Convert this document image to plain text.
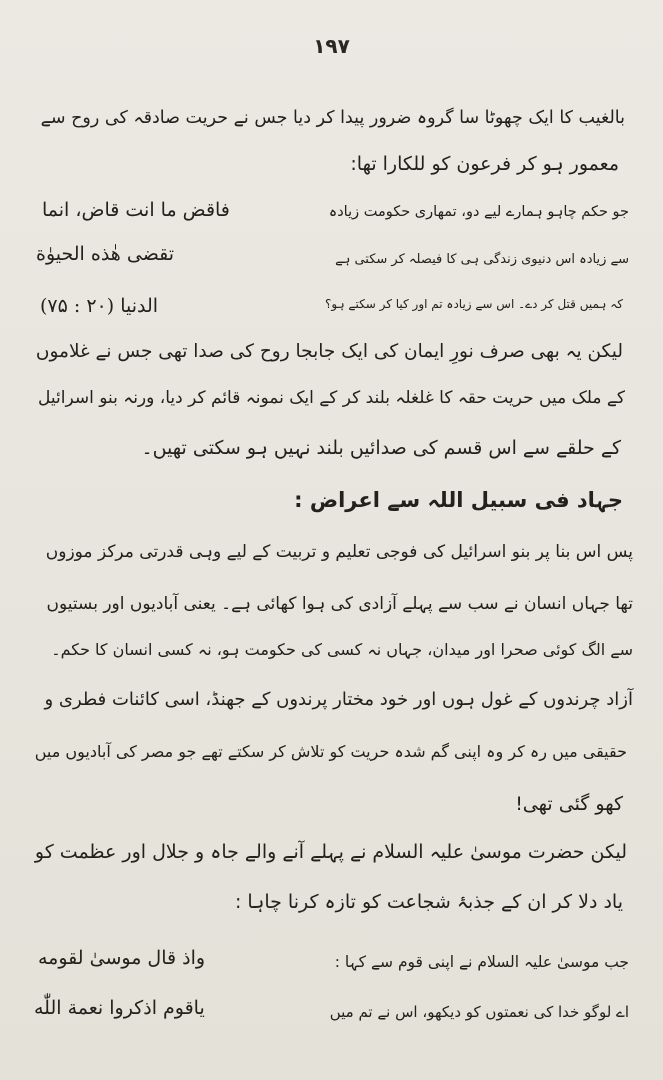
۱۹۷
بالغیب کا ایک چھوٹا سا گروہ ضرور پیدا کر دیا جس نے حریت صادقہ کی روح سے
معمور ہو کر فرعون کو للکارا تھا:
فاقض ما انت قاض، انما
تقضی هٰذه الحیوٰة
الدنیا (۲۰ : ۷۵)
جو حکم چاہو ہمارے لیے دو، تمھاری حکومت زیادہ
سے زیادہ اس دنیوی زندگی ہی کا فیصلہ کر سکتی ہے
کہ ہمیں قتل کر دے۔ اس سے زیادہ تم اور کیا کر سکتے ہو؟
لیکن یہ بھی صرف نورِ ایمان کی ایک جابجا روح کی صدا تھی جس نے غلاموں
کے ملک میں حریت حقہ کا غلغلہ بلند کر کے ایک نمونہ قائم کر دیا، ورنہ بنو اسرائیل
کے حلقے سے اس قسم کی صدائیں بلند نہیں ہو سکتی تھیں۔
جہاد فی سبیل اللہ سے اعراض :
پس اس بنا پر بنو اسرائیل کی فوجی تعلیم و تربیت کے لیے وہی قدرتی مرکز موزوں
تھا جہاں انسان نے سب سے پہلے آزادی کی ہوا کھائی ہے۔ یعنی آبادیوں اور بستیوں
سے الگ کوئی صحرا اور میدان، جہاں نہ کسی کی حکومت ہو، نہ کسی انسان کا حکم۔
آزاد چرندوں کے غول ہوں اور خود مختار پرندوں کے جھنڈ، اسی کائنات فطری و
حقیقی میں رہ کر وہ اپنی گم شدہ حریت کو تلاش کر سکتے تھے جو مصر کی آبادیوں میں
کھو گئی تھی!
لیکن حضرت موسیٰ علیہ السلام نے پہلے آنے والے جاہ و جلال اور عظمت کو
یاد دلا کر ان کے جذبۂ شجاعت کو تازہ کرنا چاہا :
واذ قال موسیٰ لقومه
یاقوم اذکروا نعمة اللّٰه
جب موسیٰ علیہ السلام نے اپنی قوم سے کہا :
اے لوگو خدا کی نعمتوں کو دیکھو، اس نے تم میں
